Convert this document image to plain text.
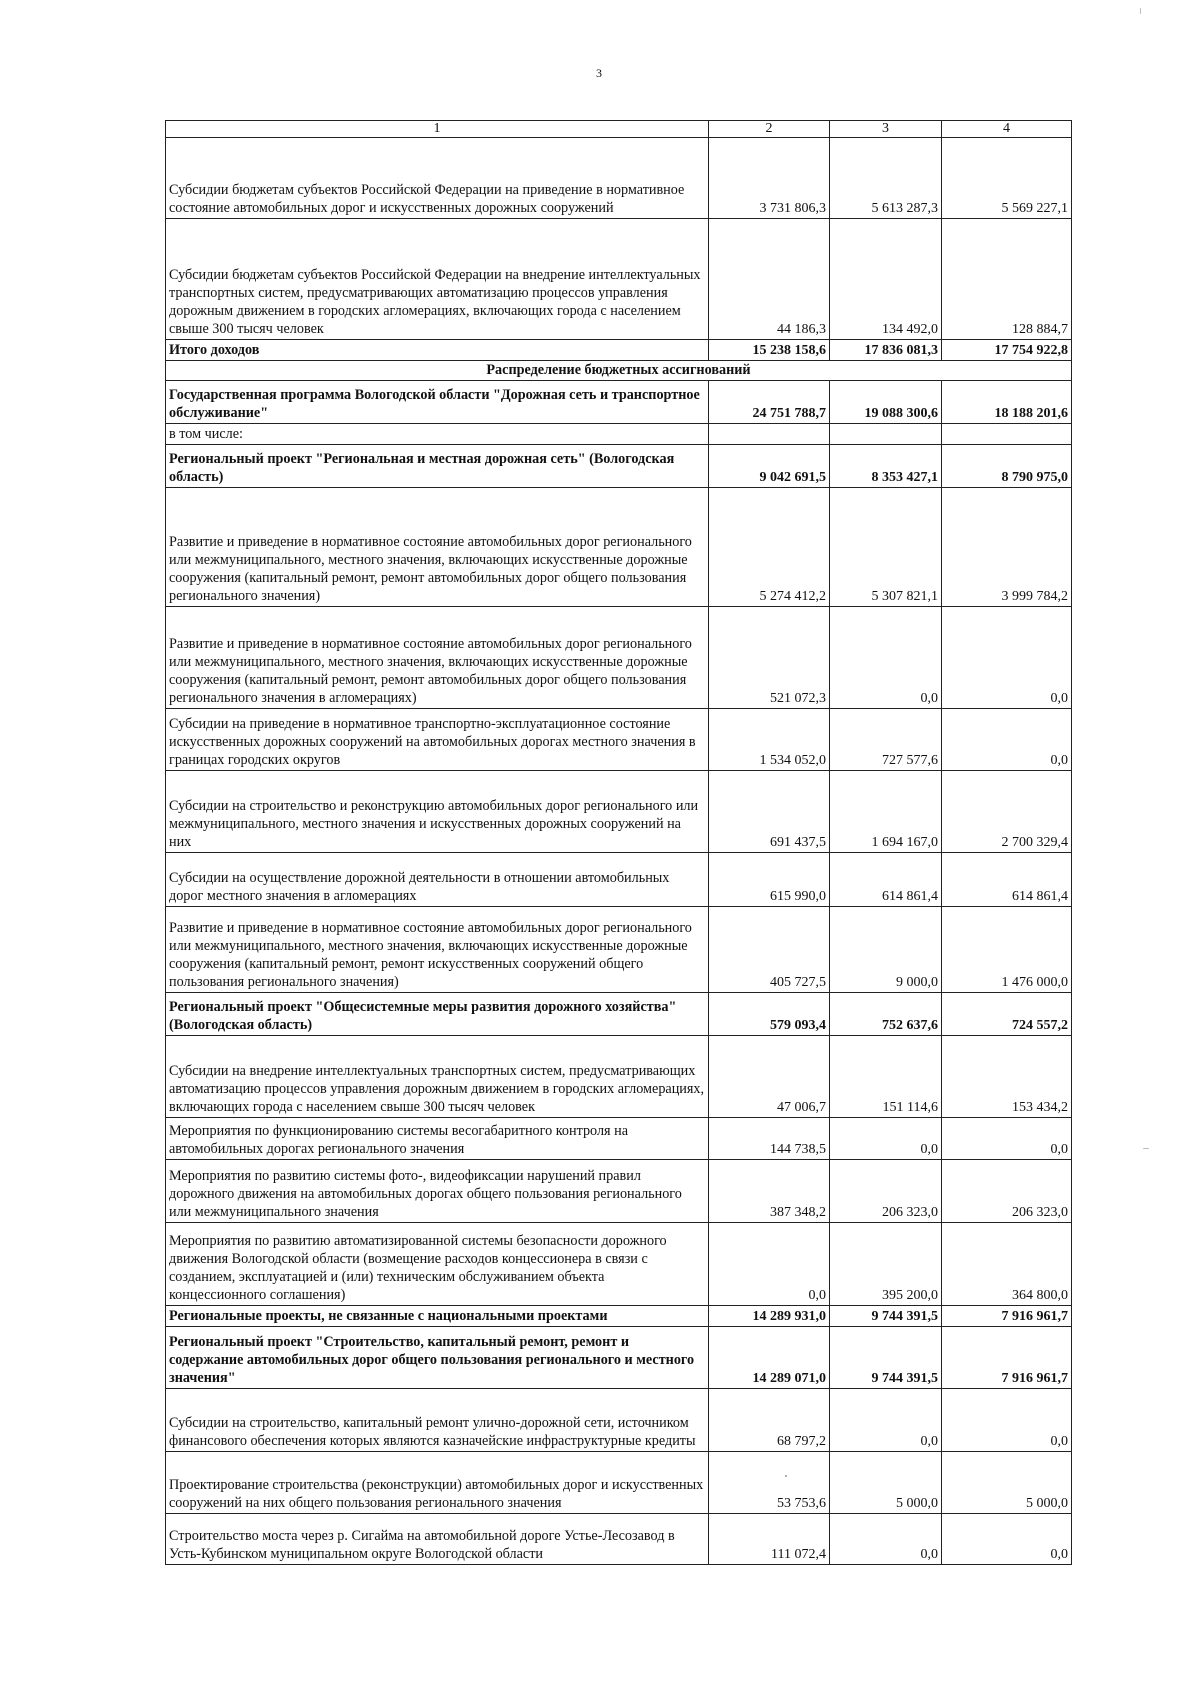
3
1	2	3	4
Субсидии бюджетам субъектов Российской Федерации на приведение в нормативное состояние автомобильных дорог и искусственных дорожных сооружений	3 731 806,3	5 613 287,3	5 569 227,1
Субсидии бюджетам субъектов Российской Федерации на внедрение интеллектуальных транспортных систем, предусматривающих автоматизацию процессов управления дорожным движением в городских агломерациях, включающих города с населением свыше 300 тысяч человек	44 186,3	134 492,0	128 884,7
Итого доходов	15 238 158,6	17 836 081,3	17 754 922,8
Распределение бюджетных ассигнований			
Государственная программа Вологодской области "Дорожная сеть и транспортное обслуживание"	24 751 788,7	19 088 300,6	18 188 201,6
в том числе:			
Региональный проект "Региональная и местная дорожная сеть" (Вологодская область)	9 042 691,5	8 353 427,1	8 790 975,0
Развитие и приведение в нормативное состояние автомобильных дорог регионального или межмуниципального, местного значения, включающих искусственные дорожные сооружения (капитальный ремонт, ремонт автомобильных дорог общего пользования регионального значения)	5 274 412,2	5 307 821,1	3 999 784,2
Развитие и приведение в нормативное состояние автомобильных дорог регионального или межмуниципального, местного значения, включающих искусственные дорожные сооружения (капитальный ремонт, ремонт автомобильных дорог общего пользования регионального значения в агломерациях)	521 072,3	0,0	0,0
Субсидии на приведение в нормативное транспортно-эксплуатационное состояние искусственных дорожных сооружений на автомобильных дорогах местного значения в границах городских округов	1 534 052,0	727 577,6	0,0
Субсидии на строительство и реконструкцию автомобильных дорог регионального или межмуниципального, местного значения и искусственных дорожных сооружений на них	691 437,5	1 694 167,0	2 700 329,4
Субсидии на осуществление дорожной деятельности в отношении автомобильных дорог местного значения в агломерациях	615 990,0	614 861,4	614 861,4
Развитие и приведение в нормативное состояние автомобильных дорог регионального или межмуниципального, местного значения, включающих искусственные дорожные сооружения (капитальный ремонт, ремонт искусственных сооружений общего пользования регионального значения)	405 727,5	9 000,0	1 476 000,0
Региональный проект "Общесистемные меры развития дорожного хозяйства" (Вологодская область)	579 093,4	752 637,6	724 557,2
Субсидии на внедрение интеллектуальных транспортных систем, предусматривающих автоматизацию процессов управления дорожным движением в городских агломерациях, включающих города с населением свыше 300 тысяч человек	47 006,7	151 114,6	153 434,2
Мероприятия по функционированию системы весогабаритного контроля на автомобильных дорогах регионального значения	144 738,5	0,0	0,0
Мероприятия по развитию системы фото-, видеофиксации нарушений правил дорожного движения на автомобильных дорогах общего пользования регионального или межмуниципального значения	387 348,2	206 323,0	206 323,0
Мероприятия по развитию автоматизированной системы безопасности дорожного движения Вологодской области (возмещение расходов концессионера в связи с созданием, эксплуатацией и (или) техническим обслуживанием объекта концессионного соглашения)	0,0	395 200,0	364 800,0
Региональные проекты, не связанные с национальными проектами	14 289 931,0	9 744 391,5	7 916 961,7
Региональный проект "Строительство, капитальный ремонт, ремонт и содержание автомобильных дорог общего пользования регионального и местного значения"	14 289 071,0	9 744 391,5	7 916 961,7
Субсидии на строительство, капитальный ремонт улично-дорожной сети, источником финансового обеспечения которых являются казначейские инфраструктурные кредиты	68 797,2	0,0	0,0
Проектирование строительства (реконструкции) автомобильных дорог и искусственных сооружений на них общего пользования регионального значения	53 753,6	5 000,0	5 000,0
Строительство моста через р. Сигайма на автомобильной дороге Устье-Лесозавод в Усть-Кубинском муниципальном округе Вологодской области	111 072,4	0,0	0,0
